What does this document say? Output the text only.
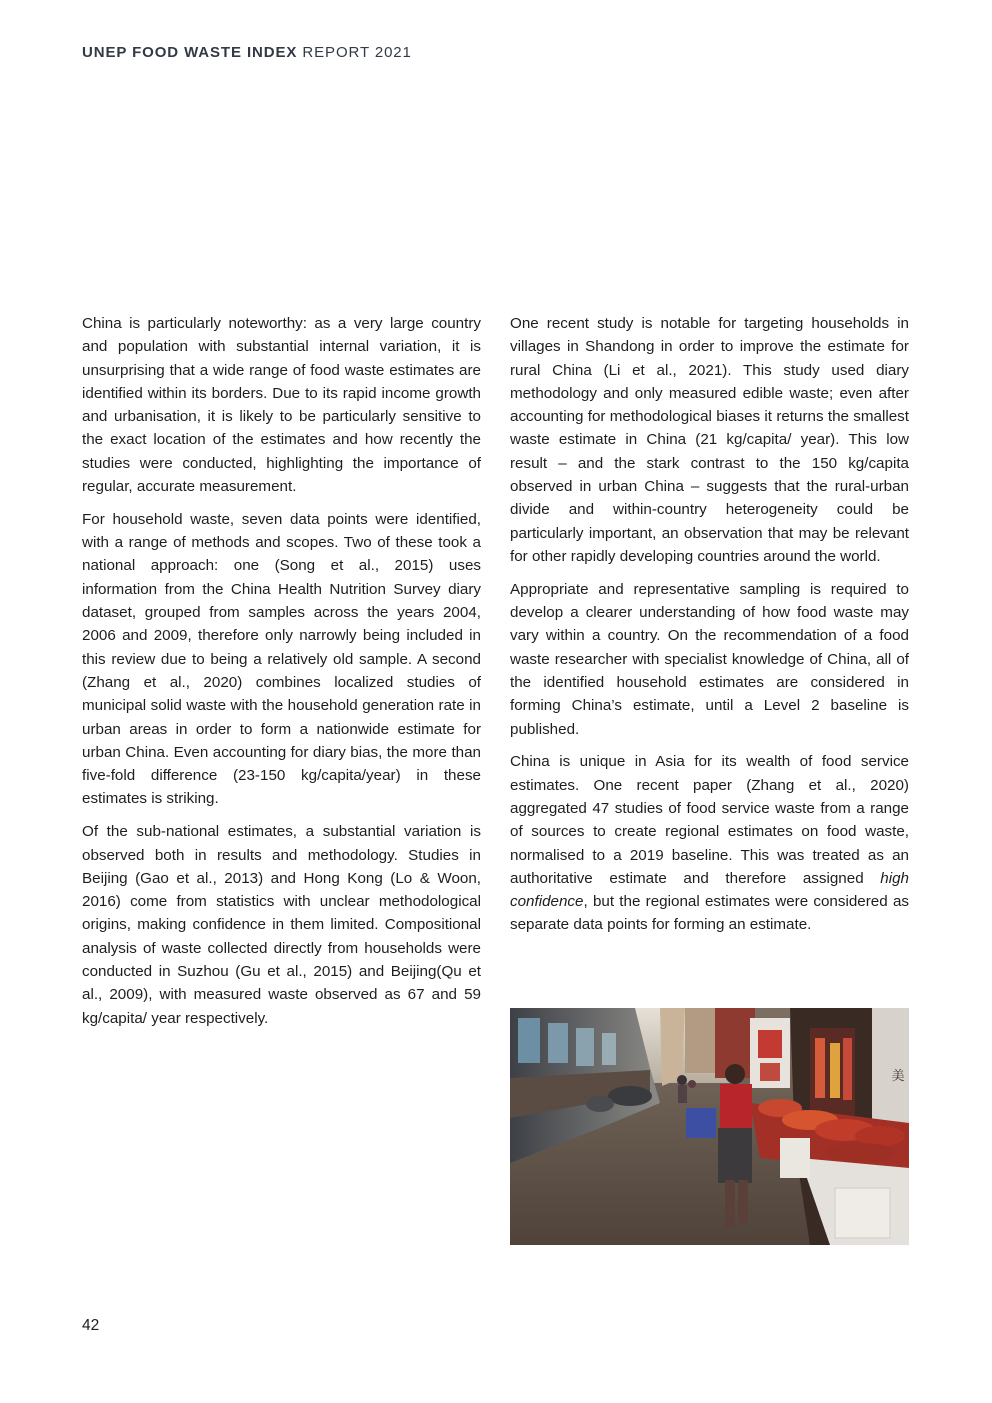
UNEP FOOD WASTE INDEX REPORT 2021

China is particularly noteworthy: as a very large country and population with substantial internal variation, it is unsurprising that a wide range of food waste estimates are identified within its borders. Due to its rapid income growth and urbanisation, it is likely to be particularly sensitive to the exact location of the estimates and how recently the studies were conducted, highlighting the importance of regular, accurate measurement.

For household waste, seven data points were identified, with a range of methods and scopes. Two of these took a national approach: one (Song et al., 2015) uses information from the China Health Nutrition Survey diary dataset, grouped from samples across the years 2004, 2006 and 2009, therefore only narrowly being included in this review due to being a relatively old sample. A second (Zhang et al., 2020) combines localized studies of municipal solid waste with the household generation rate in urban areas in order to form a nationwide estimate for urban China. Even accounting for diary bias, the more than five-fold difference (23-150 kg/capita/year) in these estimates is striking.

Of the sub-national estimates, a substantial variation is observed both in results and methodology. Studies in Beijing (Gao et al., 2013) and Hong Kong (Lo & Woon, 2016) come from statistics with unclear methodological origins, making confidence in them limited. Compositional analysis of waste collected directly from households were conducted in Suzhou (Gu et al., 2015) and Beijing(Qu et al., 2009), with measured waste observed as 67 and 59 kg/capita/ year respectively.

One recent study is notable for targeting households in villages in Shandong in order to improve the estimate for rural China (Li et al., 2021). This study used diary methodology and only measured edible waste; even after accounting for methodological biases it returns the smallest waste estimate in China (21 kg/capita/ year). This low result – and the stark contrast to the 150 kg/capita observed in urban China – suggests that the rural-urban divide and within-country heterogeneity could be particularly important, an observation that may be relevant for other rapidly developing countries around the world.

Appropriate and representative sampling is required to develop a clearer understanding of how food waste may vary within a country. On the recommendation of a food waste researcher with specialist knowledge of China, all of the identified household estimates are considered in forming China’s estimate, until a Level 2 baseline is published.

China is unique in Asia for its wealth of food service estimates. One recent paper (Zhang et al., 2020) aggregated 47 studies of food service waste from a range of sources to create regional estimates on food waste, normalised to a 2019 baseline. This was treated as an authoritative estimate and therefore assigned high confidence, but the regional estimates were considered as separate data points for forming an estimate.

美
42
